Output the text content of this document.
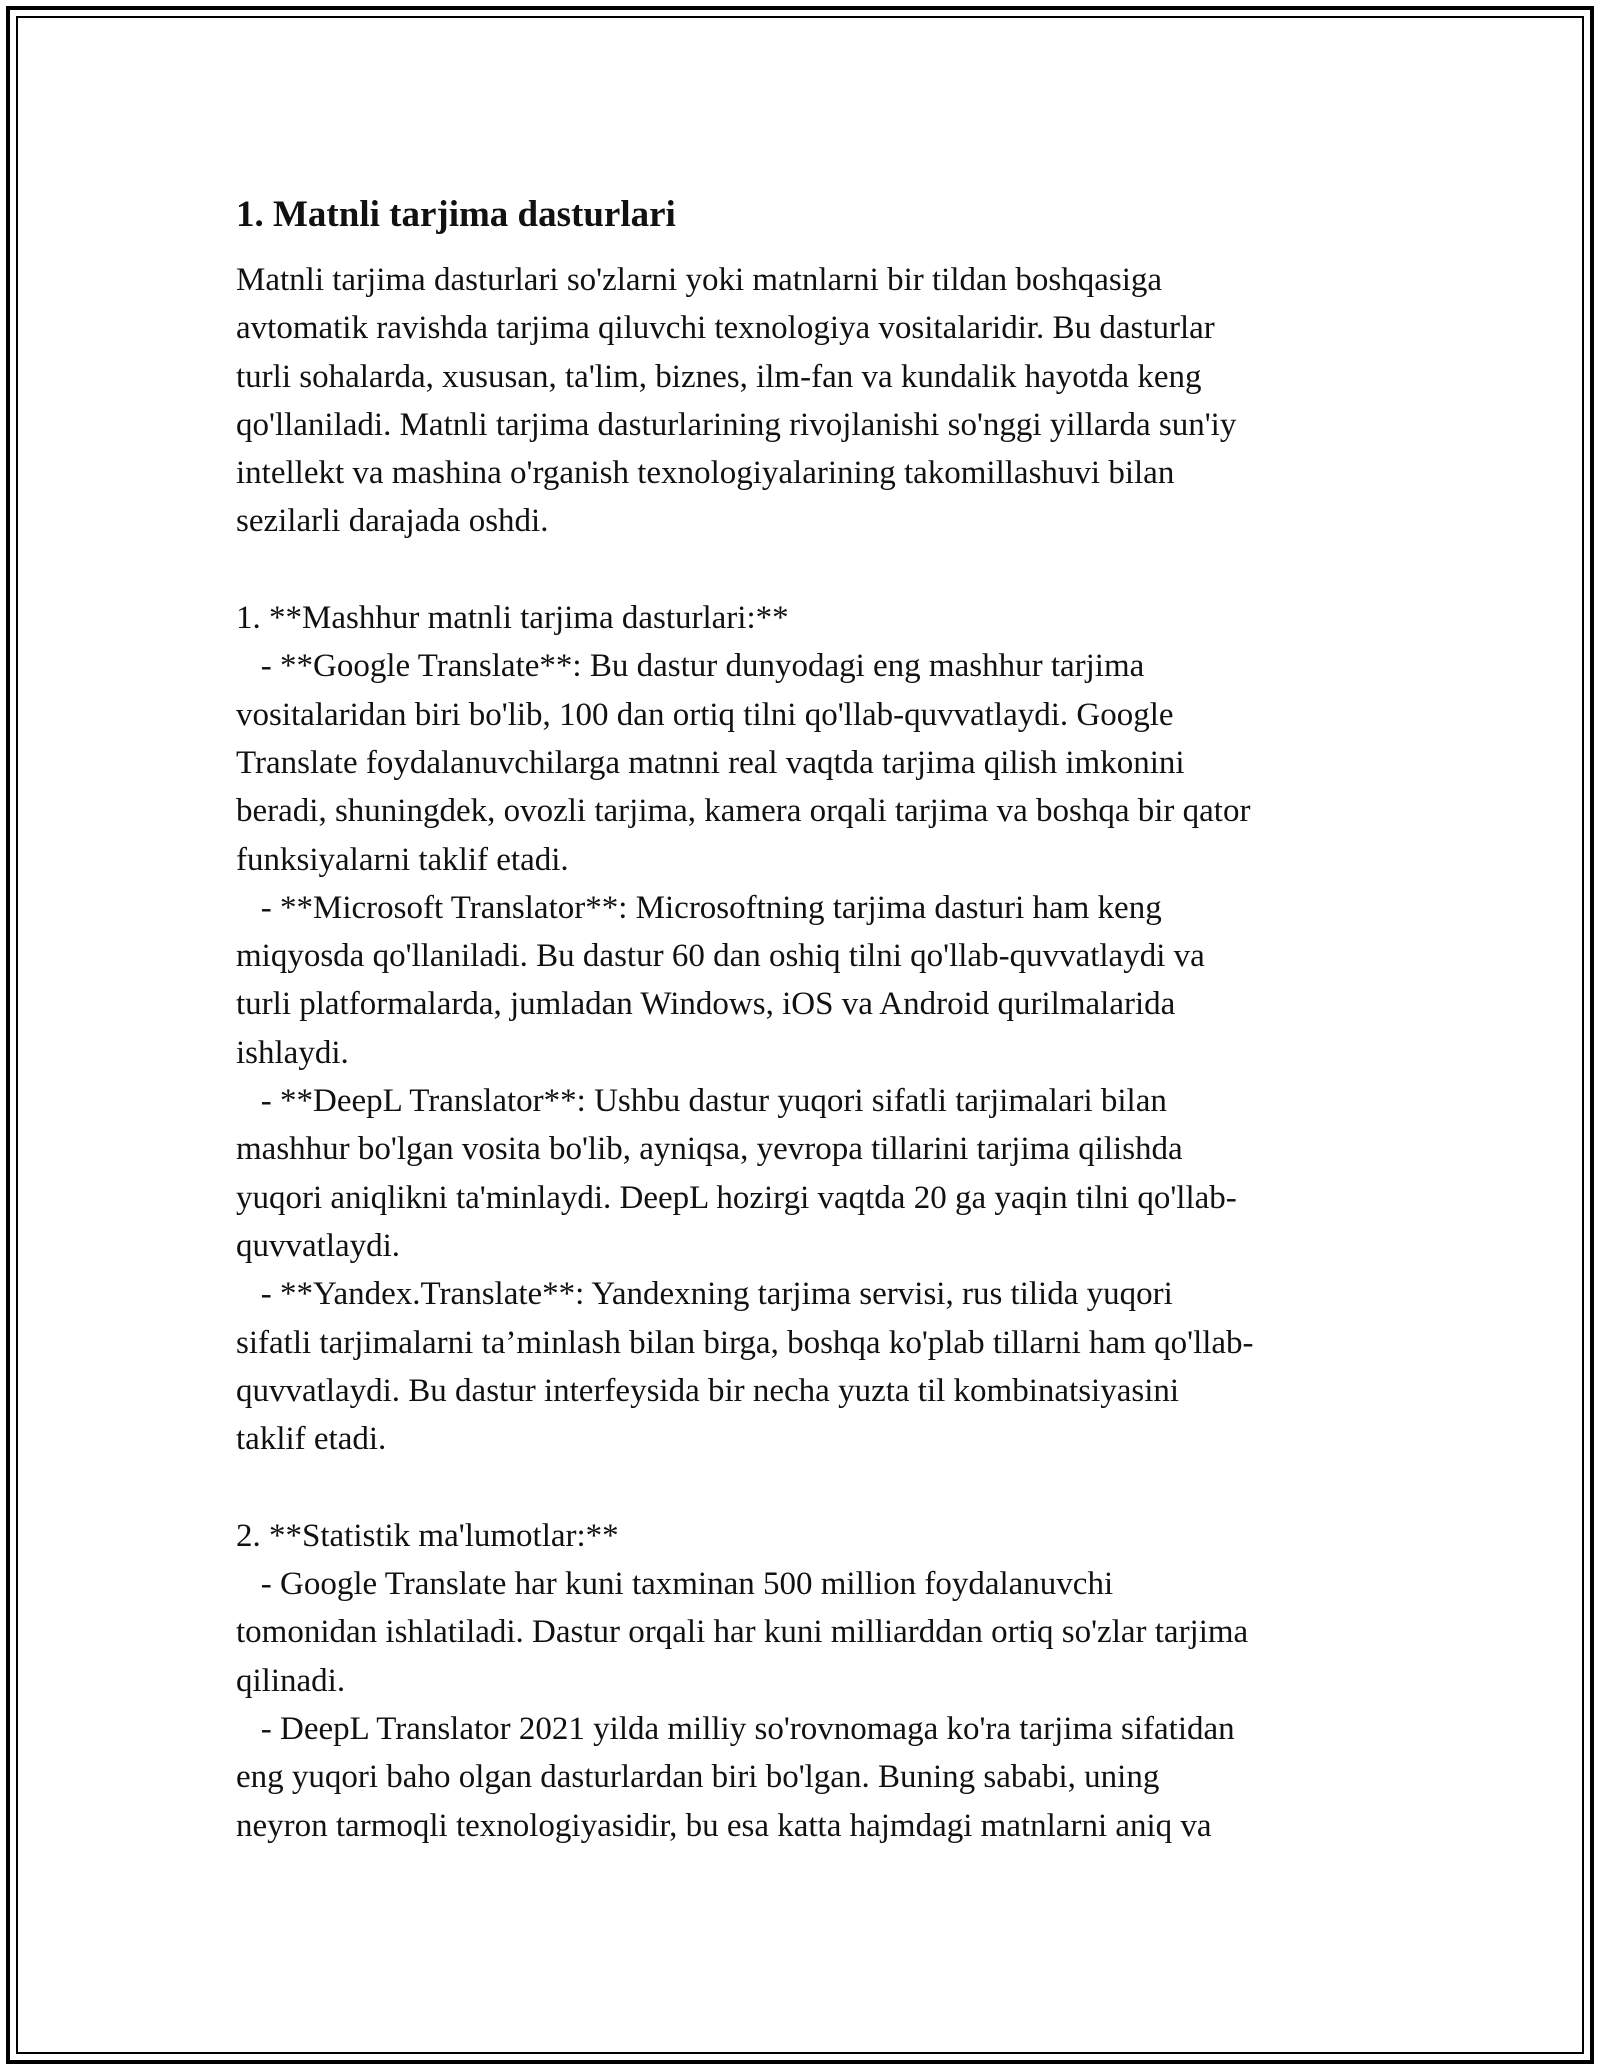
1. Matnli tarjima dasturlari
Matnli tarjima dasturlari so'zlarni yoki matnlarni bir tildan boshqasiga
avtomatik ravishda tarjima qiluvchi texnologiya vositalaridir. Bu dasturlar
turli sohalarda, xususan, ta'lim, biznes, ilm-fan va kundalik hayotda keng
qo'llaniladi. Matnli tarjima dasturlarining rivojlanishi so'nggi yillarda sun'iy
intellekt va mashina o'rganish texnologiyalarining takomillashuvi bilan
sezilarli darajada oshdi.
1. **Mashhur matnli tarjima dasturlari:**
- **Google Translate**: Bu dastur dunyodagi eng mashhur tarjima
vositalaridan biri bo'lib, 100 dan ortiq tilni qo'llab-quvvatlaydi. Google
Translate foydalanuvchilarga matnni real vaqtda tarjima qilish imkonini
beradi, shuningdek, ovozli tarjima, kamera orqali tarjima va boshqa bir qator
funksiyalarni taklif etadi.
- **Microsoft Translator**: Microsoftning tarjima dasturi ham keng
miqyosda qo'llaniladi. Bu dastur 60 dan oshiq tilni qo'llab-quvvatlaydi va
turli platformalarda, jumladan Windows, iOS va Android qurilmalarida
ishlaydi.
- **DeepL Translator**: Ushbu dastur yuqori sifatli tarjimalari bilan
mashhur bo'lgan vosita bo'lib, ayniqsa, yevropa tillarini tarjima qilishda
yuqori aniqlikni ta'minlaydi. DeepL hozirgi vaqtda 20 ga yaqin tilni qo'llab-
quvvatlaydi.
- **Yandex.Translate**: Yandexning tarjima servisi, rus tilida yuqori
sifatli tarjimalarni ta’minlash bilan birga, boshqa ko'plab tillarni ham qo'llab-
quvvatlaydi. Bu dastur interfeysida bir necha yuzta til kombinatsiyasini
taklif etadi.
2. **Statistik ma'lumotlar:**
- Google Translate har kuni taxminan 500 million foydalanuvchi
tomonidan ishlatiladi. Dastur orqali har kuni milliarddan ortiq so'zlar tarjima
qilinadi.
- DeepL Translator 2021 yilda milliy so'rovnomaga ko'ra tarjima sifatidan
eng yuqori baho olgan dasturlardan biri bo'lgan. Buning sababi, uning
neyron tarmoqli texnologiyasidir, bu esa katta hajmdagi matnlarni aniq va
